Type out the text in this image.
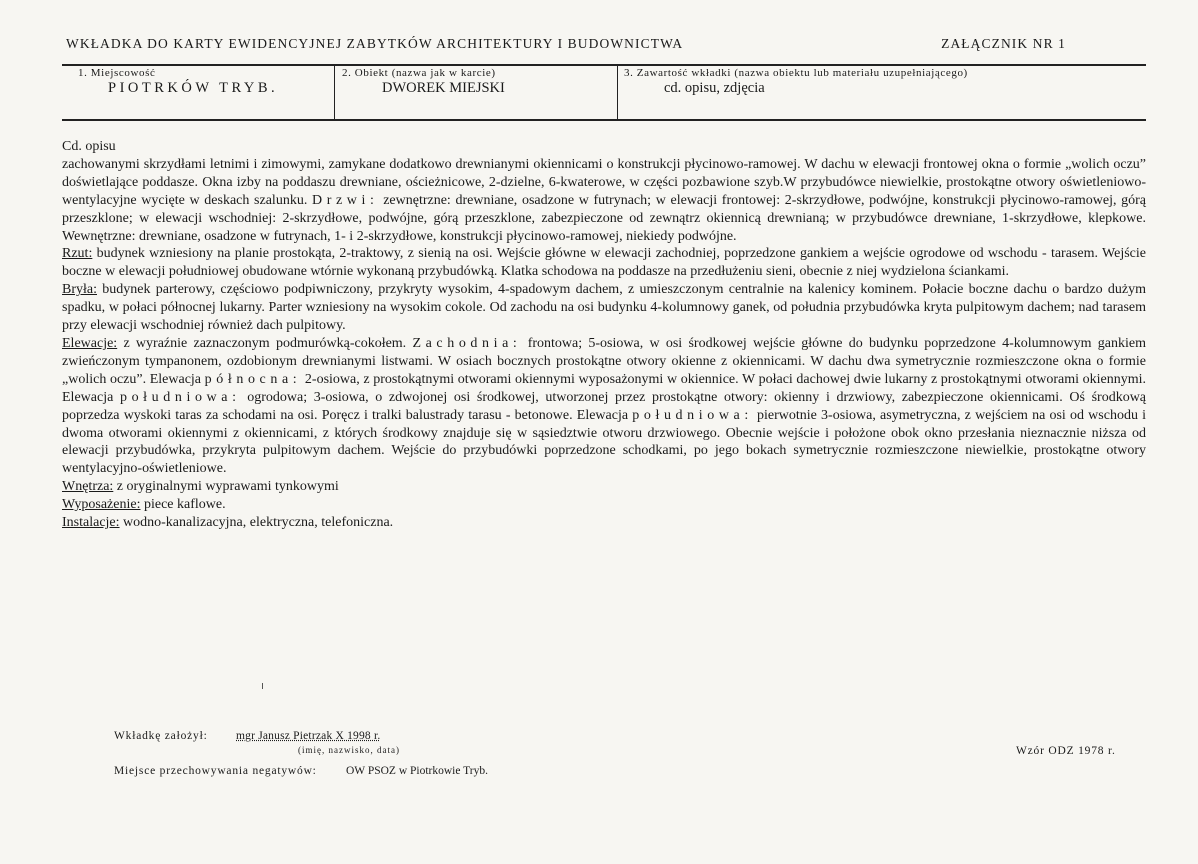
WKŁADKA DO KARTY EWIDENCYJNEJ ZABYTKÓW ARCHITEKTURY I BUDOWNICTWA	ZAŁĄCZNIK NR 1
1. Miejscowość
PIOTRKÓW TRYB.
2. Obiekt (nazwa jak w karcie)
DWOREK MIEJSKI
3. Zawartość wkładki (nazwa obiektu lub materiału uzupełniającego)
cd. opisu, zdjęcia

Cd. opisu

zachowanymi skrzydłami letnimi i zimowymi, zamykane dodatkowo drewnianymi okiennicami o konstrukcji płycinowo-ramowej. W dachu w elewacji frontowej okna o formie „wolich oczu” doświetlające poddasze. Okna izby na poddaszu drewniane, ościeżnicowe, 2-dzielne, 6-kwaterowe, w części pozbawione szyb.W przybudówce niewielkie, prostokątne otwory oświetleniowo-wentylacyjne wycięte w deskach szalunku. Drzwi: zewnętrzne: drewniane, osadzone w futrynach; w elewacji frontowej: 2-skrzydłowe, podwójne, konstrukcji płycinowo-ramowej, górą przeszklone; w elewacji wschodniej: 2-skrzydłowe, podwójne, górą przeszklone, zabezpieczone od zewnątrz okiennicą drewnianą; w przybudówce drewniane, 1-skrzydłowe, klepkowe. Wewnętrzne: drewniane, osadzone w futrynach, 1- i 2-skrzydłowe, konstrukcji płycinowo-ramowej, niekiedy podwójne.

Rzut: budynek wzniesiony na planie prostokąta, 2-traktowy, z sienią na osi. Wejście główne w elewacji zachodniej, poprzedzone gankiem a wejście ogrodowe od wschodu - tarasem. Wejście boczne w elewacji południowej obudowane wtórnie wykonaną przybudówką. Klatka schodowa na poddasze na przedłużeniu sieni, obecnie z niej wydzielona ściankami.

Bryła: budynek parterowy, częściowo podpiwniczony, przykryty wysokim, 4-spadowym dachem, z umieszczonym centralnie na kalenicy kominem. Połacie boczne dachu o bardzo dużym spadku, w połaci północnej lukarny. Parter wzniesiony na wysokim cokole. Od zachodu na osi budynku 4-kolumnowy ganek, od południa przybudówka kryta pulpitowym dachem; nad tarasem przy elewacji wschodniej również dach pulpitowy.

Elewacje: z wyraźnie zaznaczonym podmurówką-cokołem. Zachodnia: frontowa; 5-osiowa, w osi środkowej wejście główne do budynku poprzedzone 4-kolumnowym gankiem zwieńczonym tympanonem, ozdobionym drewnianymi listwami. W osiach bocznych prostokątne otwory okienne z okiennicami. W dachu dwa symetrycznie rozmieszczone okna o formie „wolich oczu”. Elewacja północna: 2-osiowa, z prostokątnymi otworami okiennymi wyposażonymi w okiennice. W połaci dachowej dwie lukarny z prostokątnymi otworami okiennymi. Elewacja południowa: ogrodowa; 3-osiowa, o zdwojonej osi środkowej, utworzonej przez prostokątne otwory: okienny i drzwiowy, zabezpieczone okiennicami. Oś środkową poprzedza wyskoki taras za schodami na osi. Poręcz i tralki balustrady tarasu - betonowe. Elewacja południowa: pierwotnie 3-osiowa, asymetryczna, z wejściem na osi od wschodu i dwoma otworami okiennymi z okiennicami, z których środkowy znajduje się w sąsiedztwie otworu drzwiowego. Obecnie wejście i położone obok okno przesłania nieznacznie niższa od elewacji przybudówka, przykryta pulpitowym dachem. Wejście do przybudówki poprzedzone schodkami, po jego bokach symetrycznie rozmieszczone niewielkie, prostokątne otwory wentylacyjno-oświetleniowe.

Wnętrza: z oryginalnymi wyprawami tynkowymi

Wyposażenie: piece kaflowe.

Instalacje: wodno-kanalizacyjna, elektryczna, telefoniczna.

Wkładkę założył: mgr Janusz Pietrzak X 1998 r.
(imię, nazwisko, data)
Miejsce przechowywania negatywów:	OW PSOZ w Piotrkowie Tryb.
Wzór ODZ 1978 r.
